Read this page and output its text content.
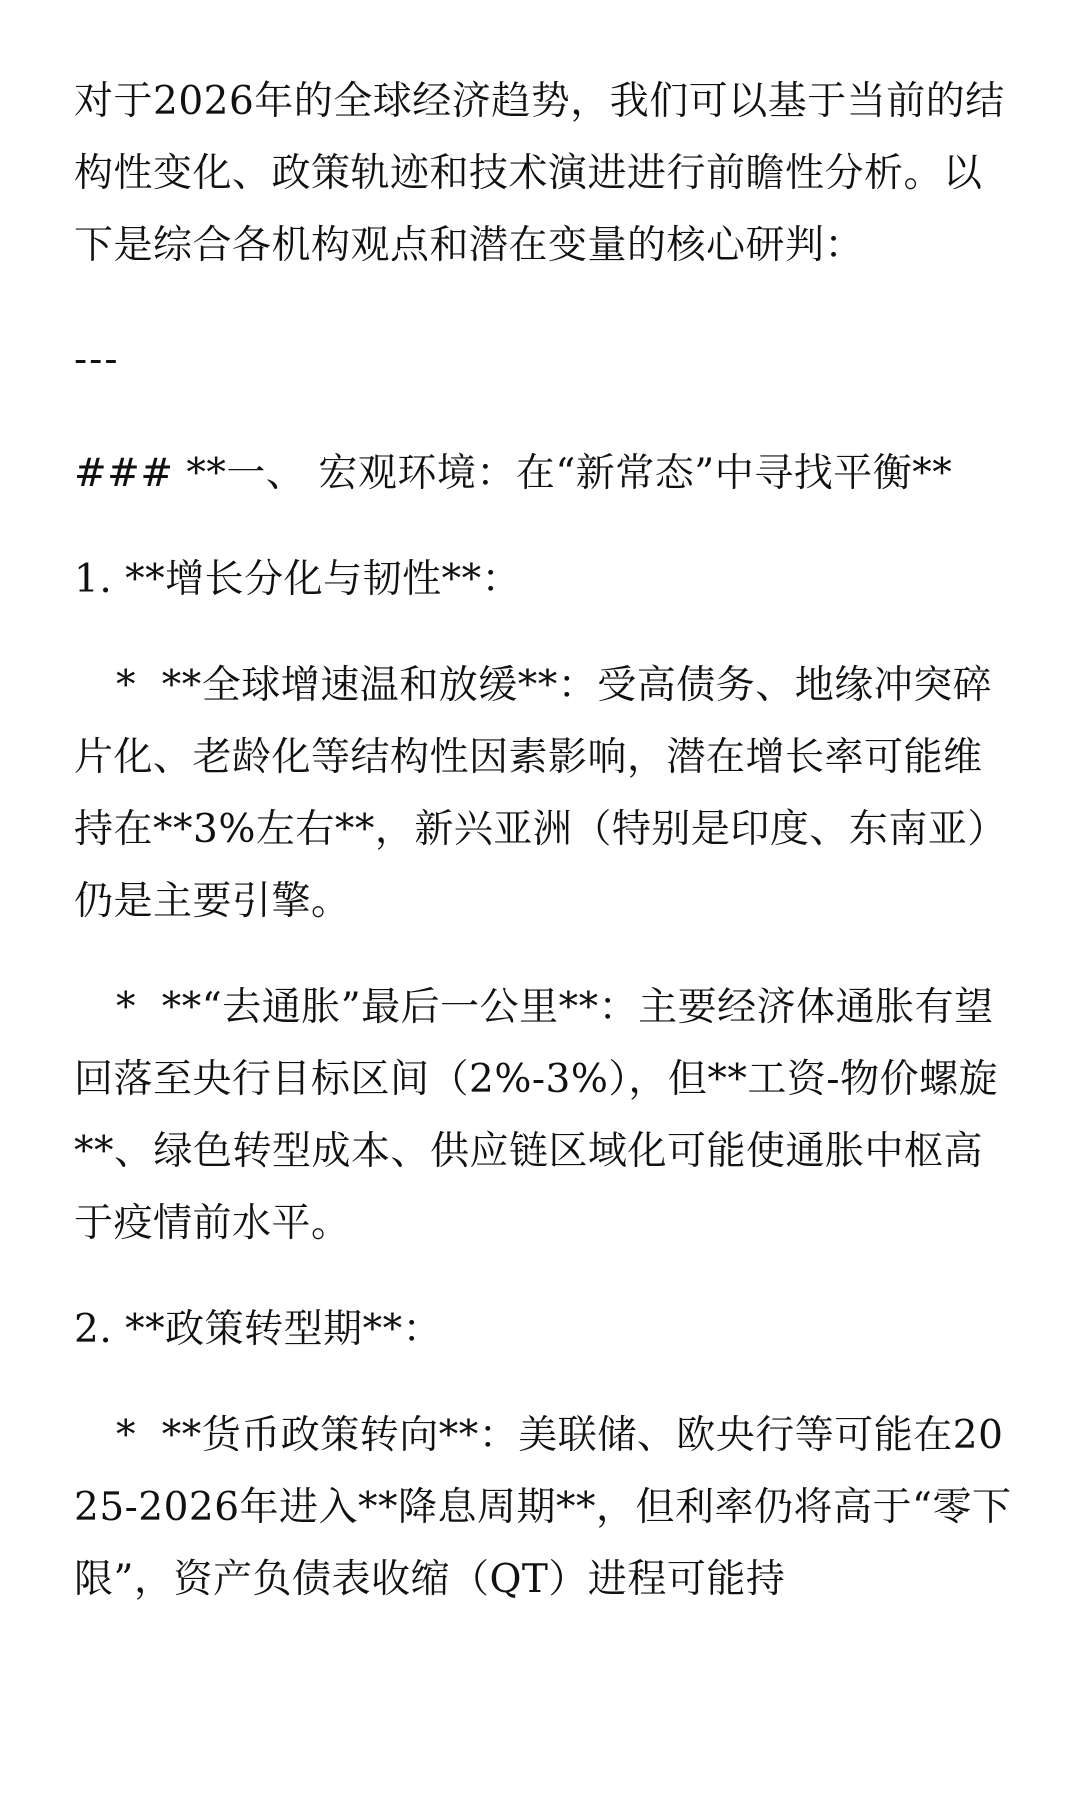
对于2026年的全球经济趋势，我们可以基于当前的结构性变化、政策轨迹和技术演进进行前瞻性分析。以下是综合各机构观点和潜在变量的核心研判：

---

### **一、 宏观环境：在“新常态”中寻找平衡**

1. **增长分化与韧性**：

*  **全球增速温和放缓**：受高债务、地缘冲突碎片化、老龄化等结构性因素影响，潜在增长率可能维持在**3%左右**，新兴亚洲（特别是印度、东南亚）仍是主要引擎。

*  **“去通胀”最后一公里**：主要经济体通胀有望回落至央行目标区间（2%-3%），但**工资-物价螺旋**、绿色转型成本、供应链区域化可能使通胀中枢高于疫情前水平。

2. **政策转型期**：

*  **货币政策转向**：美联储、欧央行等可能在2025-2026年进入**降息周期**，但利率仍将高于“零下限”，资产负债表收缩（QT）进程可能持
